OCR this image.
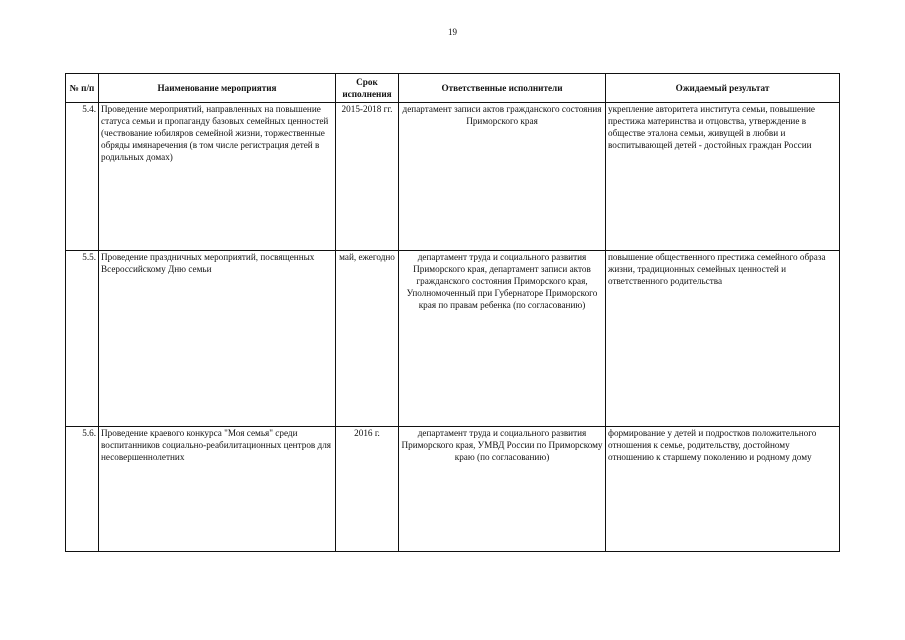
19
№ п/п	Наименование мероприятия	Срок исполнения	Ответственные исполнители	Ожидаемый результат
5.4.	Проведение мероприятий, направленных на повышение статуса семьи и пропаганду базовых семейных ценностей (чествование юбиляров семейной жизни, торжественные обряды имянаречения (в том числе регистрация детей в родильных домах)	2015-2018 гг.	департамент записи актов гражданского состояния Приморского края	укрепление авторитета института семьи, повышение престижа материнства и отцовства, утверждение в обществе эталона семьи, живущей в любви и воспитывающей детей - достойных граждан России
5.5.	Проведение праздничных мероприятий, посвященных Всероссийскому Дню семьи	май, ежегодно	департамент труда и социального развития Приморского края, департамент записи актов гражданского состояния Приморского края, Уполномоченный при Губернаторе Приморского края по правам ребенка (по согласованию)	повышение общественного престижа семейного образа жизни, традиционных семейных ценностей и ответственного родительства
5.6.	Проведение краевого конкурса "Моя семья" среди воспитанников социально-реабилитационных центров для несовершеннолетних	2016 г.	департамент труда и социального развития Приморского края, УМВД России по Приморскому краю (по согласованию)	формирование у детей и подростков положительного отношения к семье, родительству, достойному отношению к старшему поколению и родному дому
